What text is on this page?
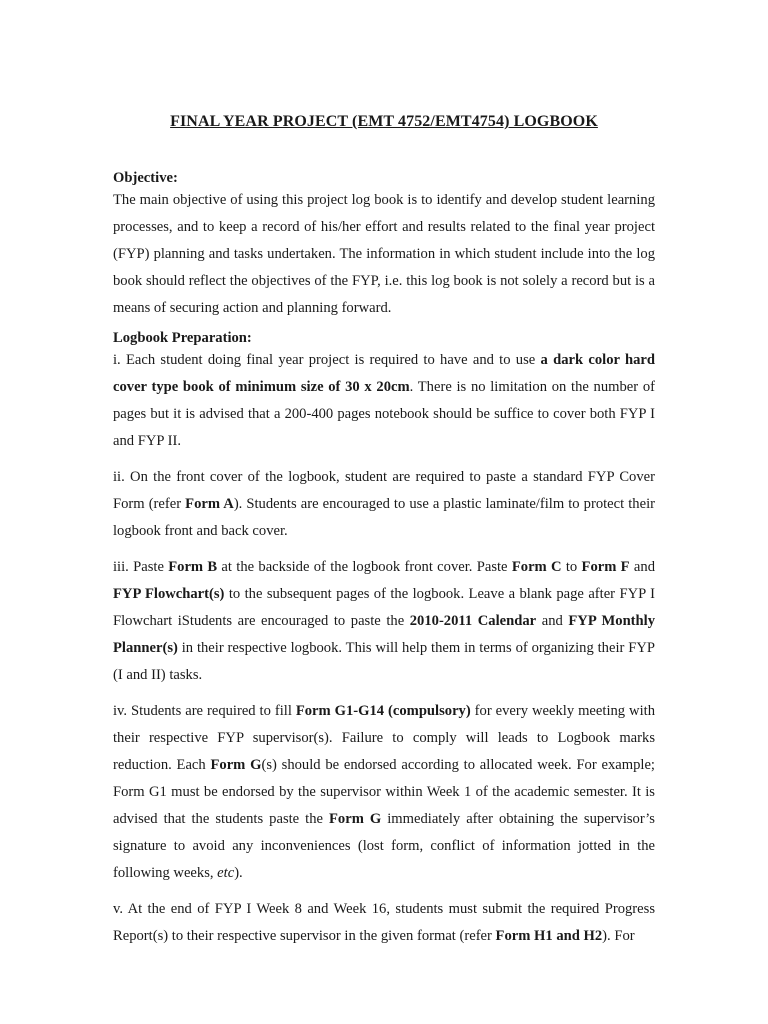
FINAL YEAR PROJECT (EMT 4752/EMT4754) LOGBOOK
Objective:

The main objective of using this project log book is to identify and develop student learning processes, and to keep a record of his/her effort and results related to the final year project (FYP) planning and tasks undertaken. The information in which student include into the log book should reflect the objectives of the FYP, i.e. this log book is not solely a record but is a means of securing action and planning forward.

Logbook Preparation:

i. Each student doing final year project is required to have and to use a dark color hard cover type book of minimum size of 30 x 20cm. There is no limitation on the number of pages but it is advised that a 200-400 pages notebook should be suffice to cover both FYP I and FYP II.

ii. On the front cover of the logbook, student are required to paste a standard FYP Cover Form (refer Form A). Students are encouraged to use a plastic laminate/film to protect their logbook front and back cover.

iii. Paste Form B at the backside of the logbook front cover. Paste Form C to Form F and FYP Flowchart(s) to the subsequent pages of the logbook. Leave a blank page after FYP I Flowchart iStudents are encouraged to paste the 2010-2011 Calendar and FYP Monthly Planner(s) in their respective logbook. This will help them in terms of organizing their FYP (I and II) tasks.

iv. Students are required to fill Form G1-G14 (compulsory) for every weekly meeting with their respective FYP supervisor(s). Failure to comply will leads to Logbook marks reduction. Each Form G(s) should be endorsed according to allocated week. For example; Form G1 must be endorsed by the supervisor within Week 1 of the academic semester. It is advised that the students paste the Form G immediately after obtaining the supervisor’s signature to avoid any inconveniences (lost form, conflict of information jotted in the following weeks, etc).

v. At the end of FYP I Week 8 and Week 16, students must submit the required Progress Report(s) to their respective supervisor in the given format (refer Form H1 and H2). For
